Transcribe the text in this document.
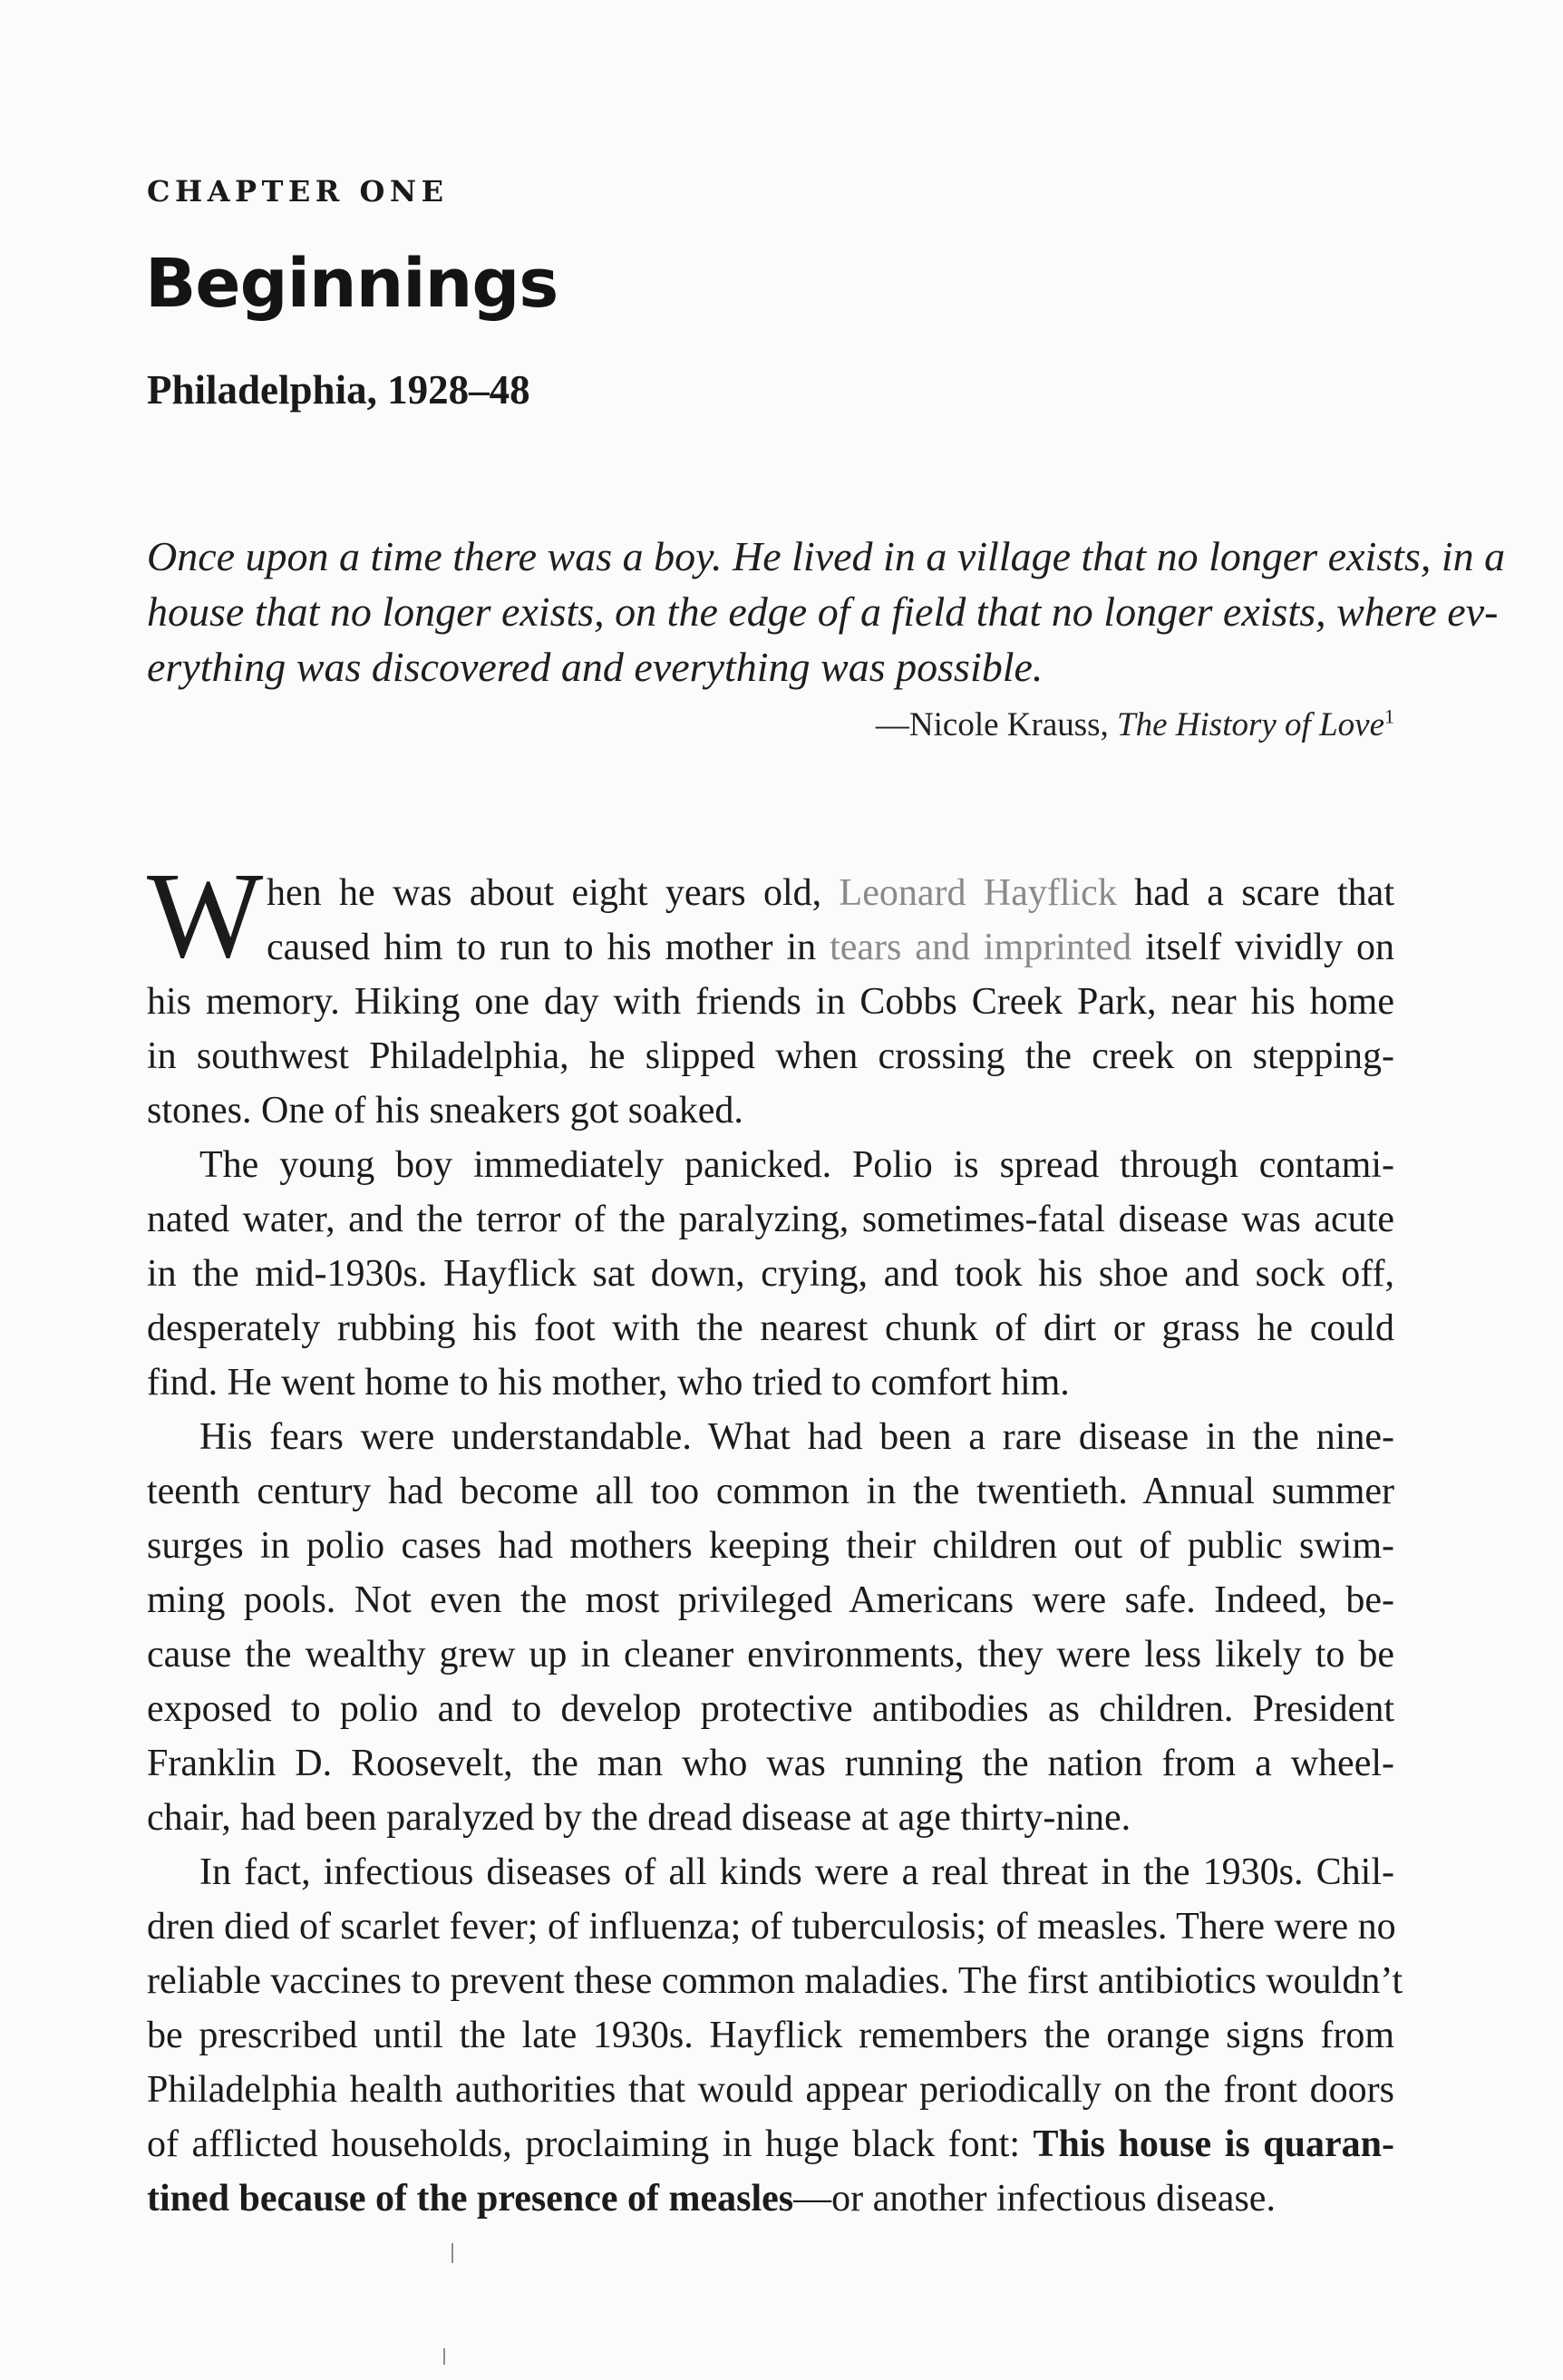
CHAPTER ONE
Beginnings
Philadelphia, 1928–48
Once upon a time there was a boy. He lived in a village that no longer exists, in a
house that no longer exists, on the edge of a field that no longer exists, where ev-
erything was discovered and everything was possible.
—Nicole Krauss, The History of Love$^1$
W hen he was about eight years old, Leonard Hayflick had a scare that
caused him to run to his mother in tears and imprinted itself vividly on
his memory. Hiking one day with friends in Cobbs Creek Park, near his home
in southwest Philadelphia, he slipped when crossing the creek on stepping-
stones. One of his sneakers got soaked.
The young boy immediately panicked. Polio is spread through contami-
nated water, and the terror of the paralyzing, sometimes-fatal disease was acute
in the mid-1930s. Hayflick sat down, crying, and took his shoe and sock off,
desperately rubbing his foot with the nearest chunk of dirt or grass he could
find. He went home to his mother, who tried to comfort him.
His fears were understandable. What had been a rare disease in the nine-
teenth century had become all too common in the twentieth. Annual summer
surges in polio cases had mothers keeping their children out of public swim-
ming pools. Not even the most privileged Americans were safe. Indeed, be-
cause the wealthy grew up in cleaner environments, they were less likely to be
exposed to polio and to develop protective antibodies as children. President
Franklin D. Roosevelt, the man who was running the nation from a wheel-
chair, had been paralyzed by the dread disease at age thirty-nine.
In fact, infectious diseases of all kinds were a real threat in the 1930s. Chil-
dren died of scarlet fever; of influenza; of tuberculosis; of measles. There were no
reliable vaccines to prevent these common maladies. The first antibiotics wouldn’t
be prescribed until the late 1930s. Hayflick remembers the orange signs from
Philadelphia health authorities that would appear periodically on the front doors
of afflicted households, proclaiming in huge black font: This house is quaran-
tined because of the presence of measles—or another infectious disease.
